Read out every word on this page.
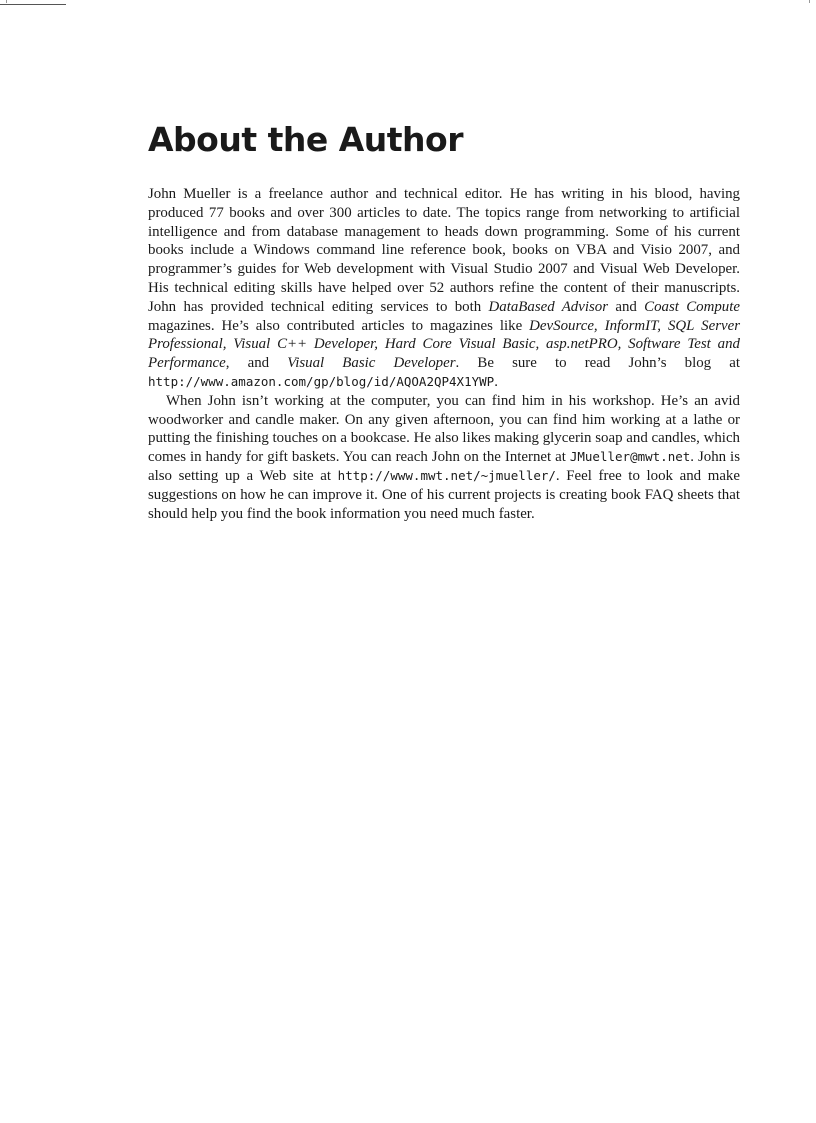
About the Author

John Mueller is a freelance author and technical editor. He has writing in his blood, having produced 77 books and over 300 articles to date. The topics range from networking to artificial intelligence and from database management to heads down programming. Some of his current books include a Windows command line reference book, books on VBA and Visio 2007, and programmer’s guides for Web development with Visual Studio 2007 and Visual Web Developer. His technical editing skills have helped over 52 authors refine the content of their manuscripts. John has provided technical editing services to both DataBased Advisor and Coast Compute magazines. He’s also contributed articles to magazines like DevSource, InformIT, SQL Server Professional, Visual C++ Developer, Hard Core Visual Basic, asp.netPRO, Software Test and Performance, and Visual Basic Developer. Be sure to read John’s blog at http://www.amazon.com/gp/blog/id/AQOA2QP4X1YWP.

When John isn’t working at the computer, you can find him in his workshop. He’s an avid woodworker and candle maker. On any given afternoon, you can find him working at a lathe or putting the finishing touches on a bookcase. He also likes making glycerin soap and candles, which comes in handy for gift baskets. You can reach John on the Internet at JMueller@mwt.net. John is also setting up a Web site at http://www.mwt.net/~jmueller/. Feel free to look and make suggestions on how he can improve it. One of his current projects is creating book FAQ sheets that should help you find the book information you need much faster.
